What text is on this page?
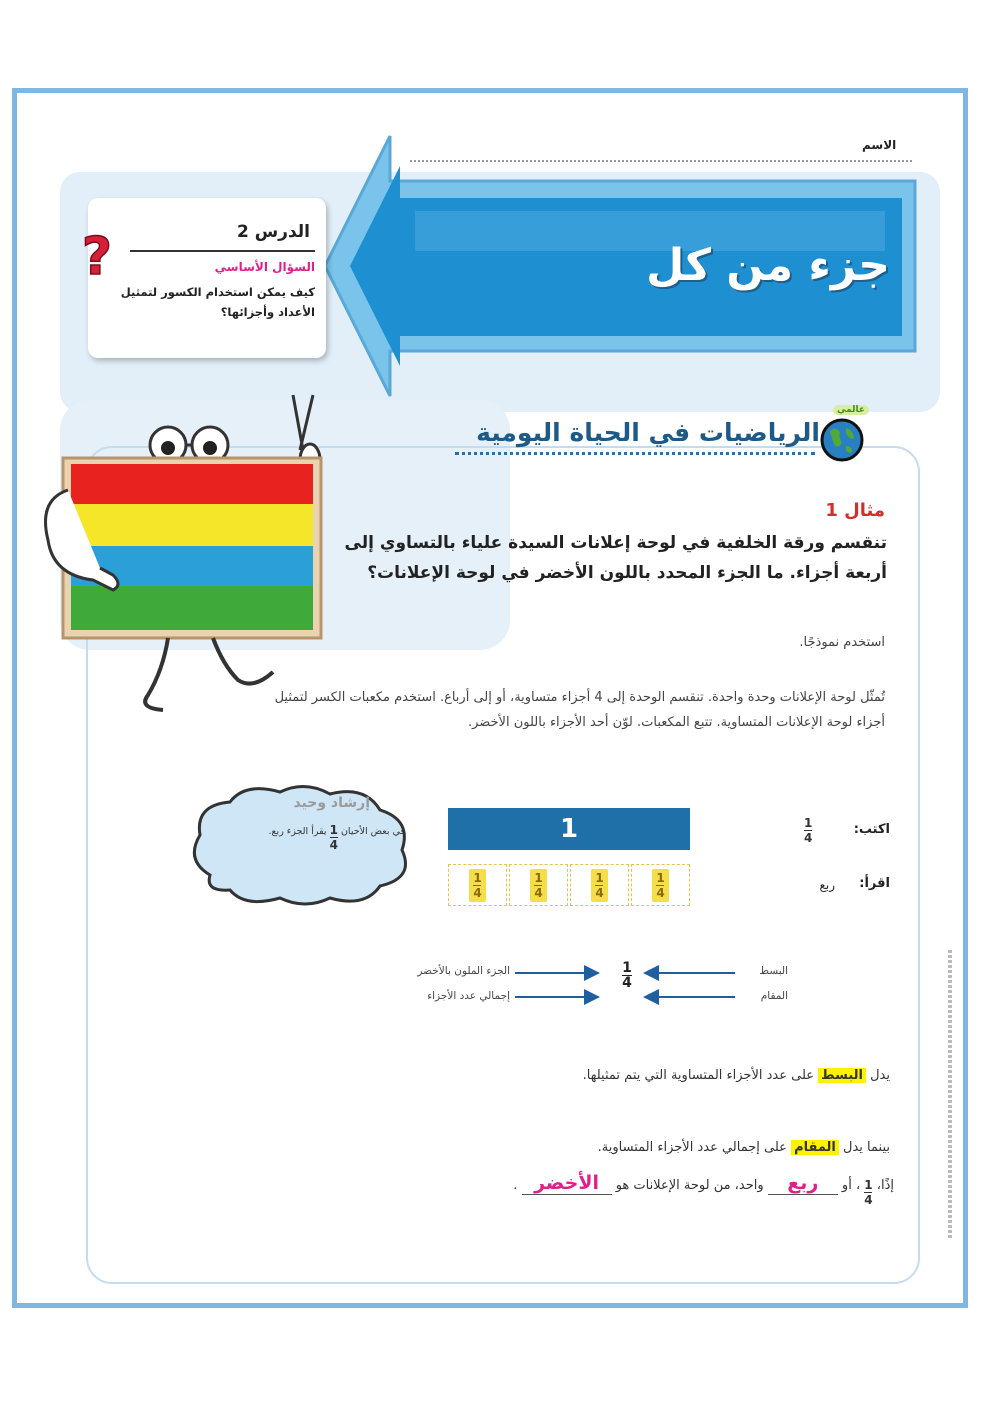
الاسم
جزء من كل
الدرس 2
السؤال الأساسي
كيف يمكن استخدام الكسور لتمثيل الأعداد وأجزائها؟
?
الرياضيات في الحياة اليومية
عالمي
مثال 1
تنقسم ورقة الخلفية في لوحة إعلانات السيدة علياء بالتساوي إلى أربعة أجزاء. ما الجزء المحدد باللون الأخضر في لوحة الإعلانات؟
استخدم نموذجًا.
تُمثّل لوحة الإعلانات وحدة واحدة. تنقسم الوحدة إلى 4 أجزاء متساوية، أو إلى أرباع. استخدم مكعبات الكسر لتمثيل أجزاء لوحة الإعلانات المتساوية. تتبع المكعبات. لوّن أحد الأجزاء باللون الأخضر.
إرشاد وحيد
في بعض الأحيان
$\frac{1}{4}$
يقرأ الجزء ربع.	1
$\frac{1}{4}$	$\frac{1}{4}$	$\frac{1}{4}$	$\frac{1}{4}$
اكتب:
1
4
اقرأ:
ربع
1
4
البسط
المقام
الجزء الملون بالأخضر
إجمالي عدد الأجزاء
يدل البسط على عدد الأجزاء المتساوية التي يتم تمثيلها.
بينما يدل المقام على إجمالي عدد الأجزاء المتساوية.
إذًا،
$\frac{1}{4}$
، أو ربع واحد، من لوحة الإعلانات هو الأخضر .
